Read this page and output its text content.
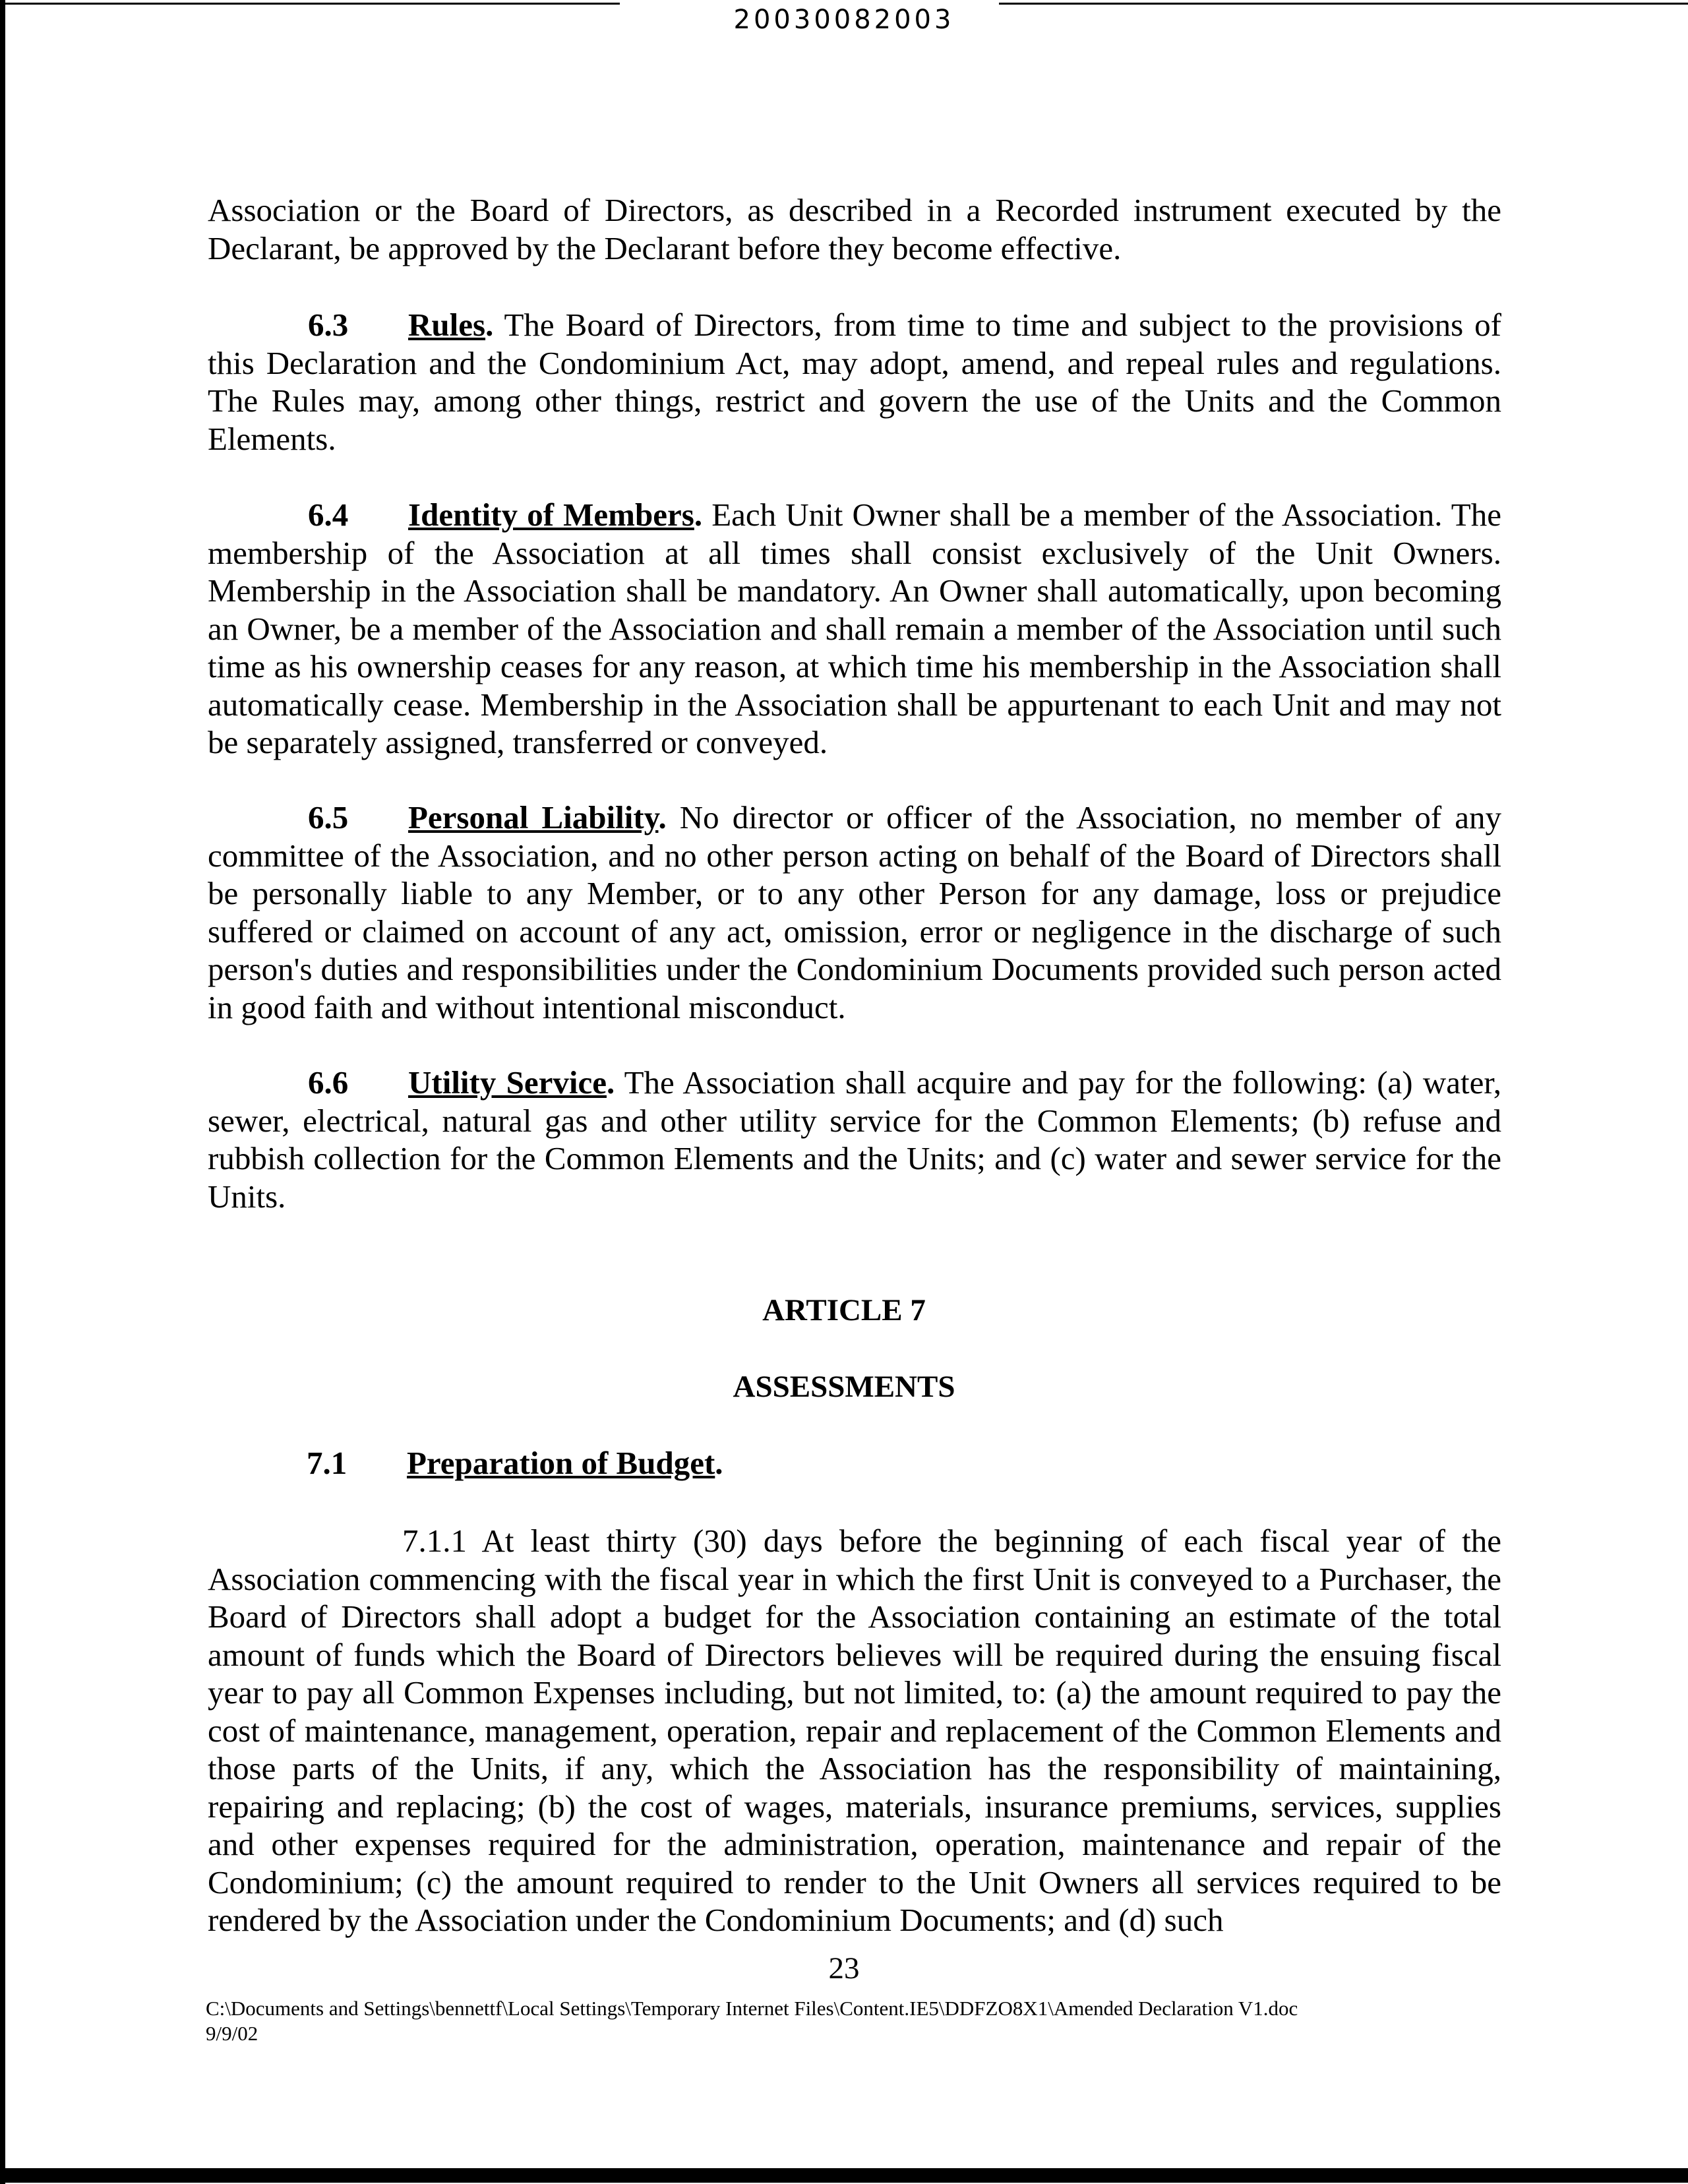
20030082003

Association or the Board of Directors, as described in a Recorded instrument executed by the Declarant, be approved by the Declarant before they become effective.

6.3 Rules. The Board of Directors, from time to time and subject to the provisions of this Declaration and the Condominium Act, may adopt, amend, and repeal rules and regulations. The Rules may, among other things, restrict and govern the use of the Units and the Common Elements.

6.4 Identity of Members. Each Unit Owner shall be a member of the Association. The membership of the Association at all times shall consist exclusively of the Unit Owners. Membership in the Association shall be mandatory. An Owner shall automatically, upon becoming an Owner, be a member of the Association and shall remain a member of the Association until such time as his ownership ceases for any reason, at which time his membership in the Association shall automatically cease. Membership in the Association shall be appurtenant to each Unit and may not be separately assigned, transferred or conveyed.

6.5 Personal Liability. No director or officer of the Association, no member of any committee of the Association, and no other person acting on behalf of the Board of Directors shall be personally liable to any Member, or to any other Person for any damage, loss or prejudice suffered or claimed on account of any act, omission, error or negligence in the discharge of such person's duties and responsibilities under the Condominium Documents provided such person acted in good faith and without intentional misconduct.

6.6 Utility Service. The Association shall acquire and pay for the following: (a) water, sewer, electrical, natural gas and other utility service for the Common Elements; (b) refuse and rubbish collection for the Common Elements and the Units; and (c) water and sewer service for the Units.

ARTICLE 7
ASSESSMENTS
7.1 Preparation of Budget.

7.1.1 At least thirty (30) days before the beginning of each fiscal year of the Association commencing with the fiscal year in which the first Unit is conveyed to a Purchaser, the Board of Directors shall adopt a budget for the Association containing an estimate of the total amount of funds which the Board of Directors believes will be required during the ensuing fiscal year to pay all Common Expenses including, but not limited, to: (a) the amount required to pay the cost of maintenance, management, operation, repair and replacement of the Common Elements and those parts of the Units, if any, which the Association has the responsibility of maintaining, repairing and replacing; (b) the cost of wages, materials, insurance premiums, services, supplies and other expenses required for the administration, operation, maintenance and repair of the Condominium; (c) the amount required to render to the Unit Owners all services required to be rendered by the Association under the Condominium Documents; and (d) such

23
C:\Documents and Settings\bennettf\Local Settings\Temporary Internet Files\Content.IE5\DDFZO8X1\Amended Declaration V1.doc
9/9/02
